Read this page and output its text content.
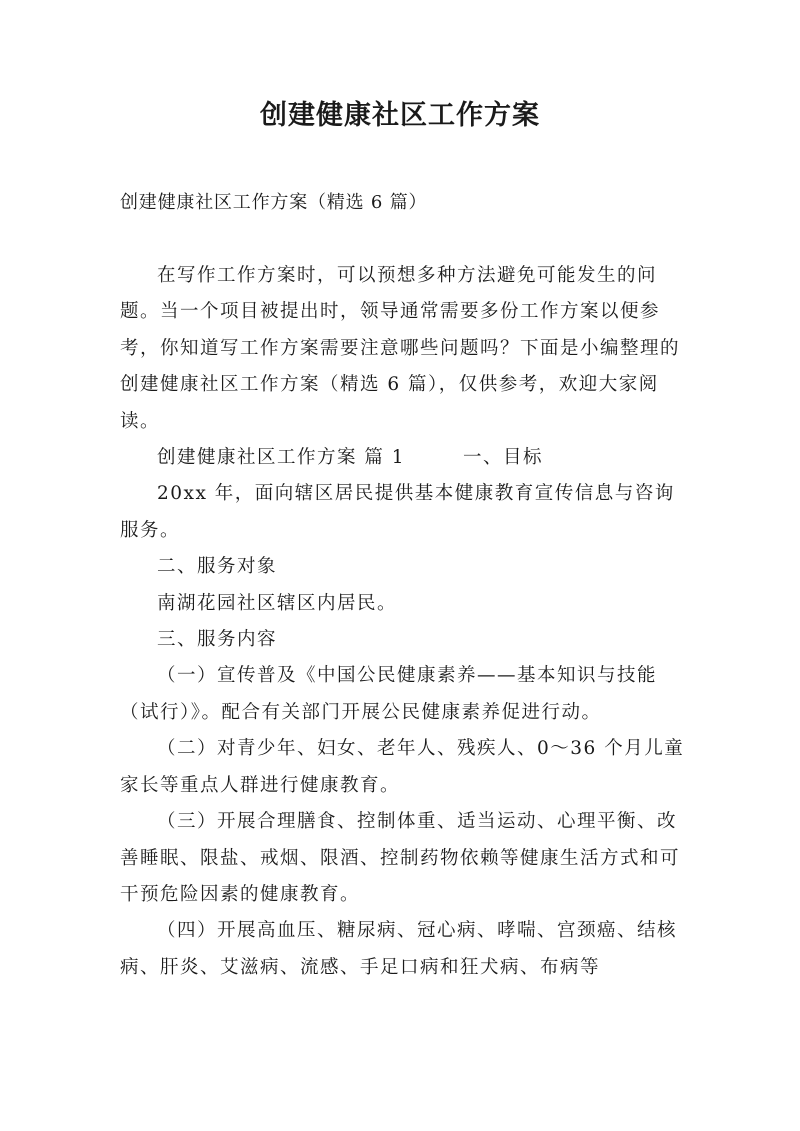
创建健康社区工作方案

创建健康社区工作方案（精选 6 篇）

在写作工作方案时，可以预想多种方法避免可能发生的问题。当一个项目被提出时，领导通常需要多份工作方案以便参考，你知道写工作方案需要注意哪些问题吗？下面是小编整理的创建健康社区工作方案（精选 6 篇），仅供参考，欢迎大家阅读。

创建健康社区工作方案 篇 1	一、目标

20xx 年，面向辖区居民提供基本健康教育宣传信息与咨询服务。

二、服务对象

南湖花园社区辖区内居民。

三、服务内容

（一）宣传普及《中国公民健康素养——基本知识与技能（试行）》。配合有关部门开展公民健康素养促进行动。

（二）对青少年、妇女、老年人、残疾人、0～36 个月儿童家长等重点人群进行健康教育。

（三）开展合理膳食、控制体重、适当运动、心理平衡、改善睡眠、限盐、戒烟、限酒、控制药物依赖等健康生活方式和可干预危险因素的健康教育。

（四）开展高血压、糖尿病、冠心病、哮喘、宫颈癌、结核病、肝炎、艾滋病、流感、手足口病和狂犬病、布病等
